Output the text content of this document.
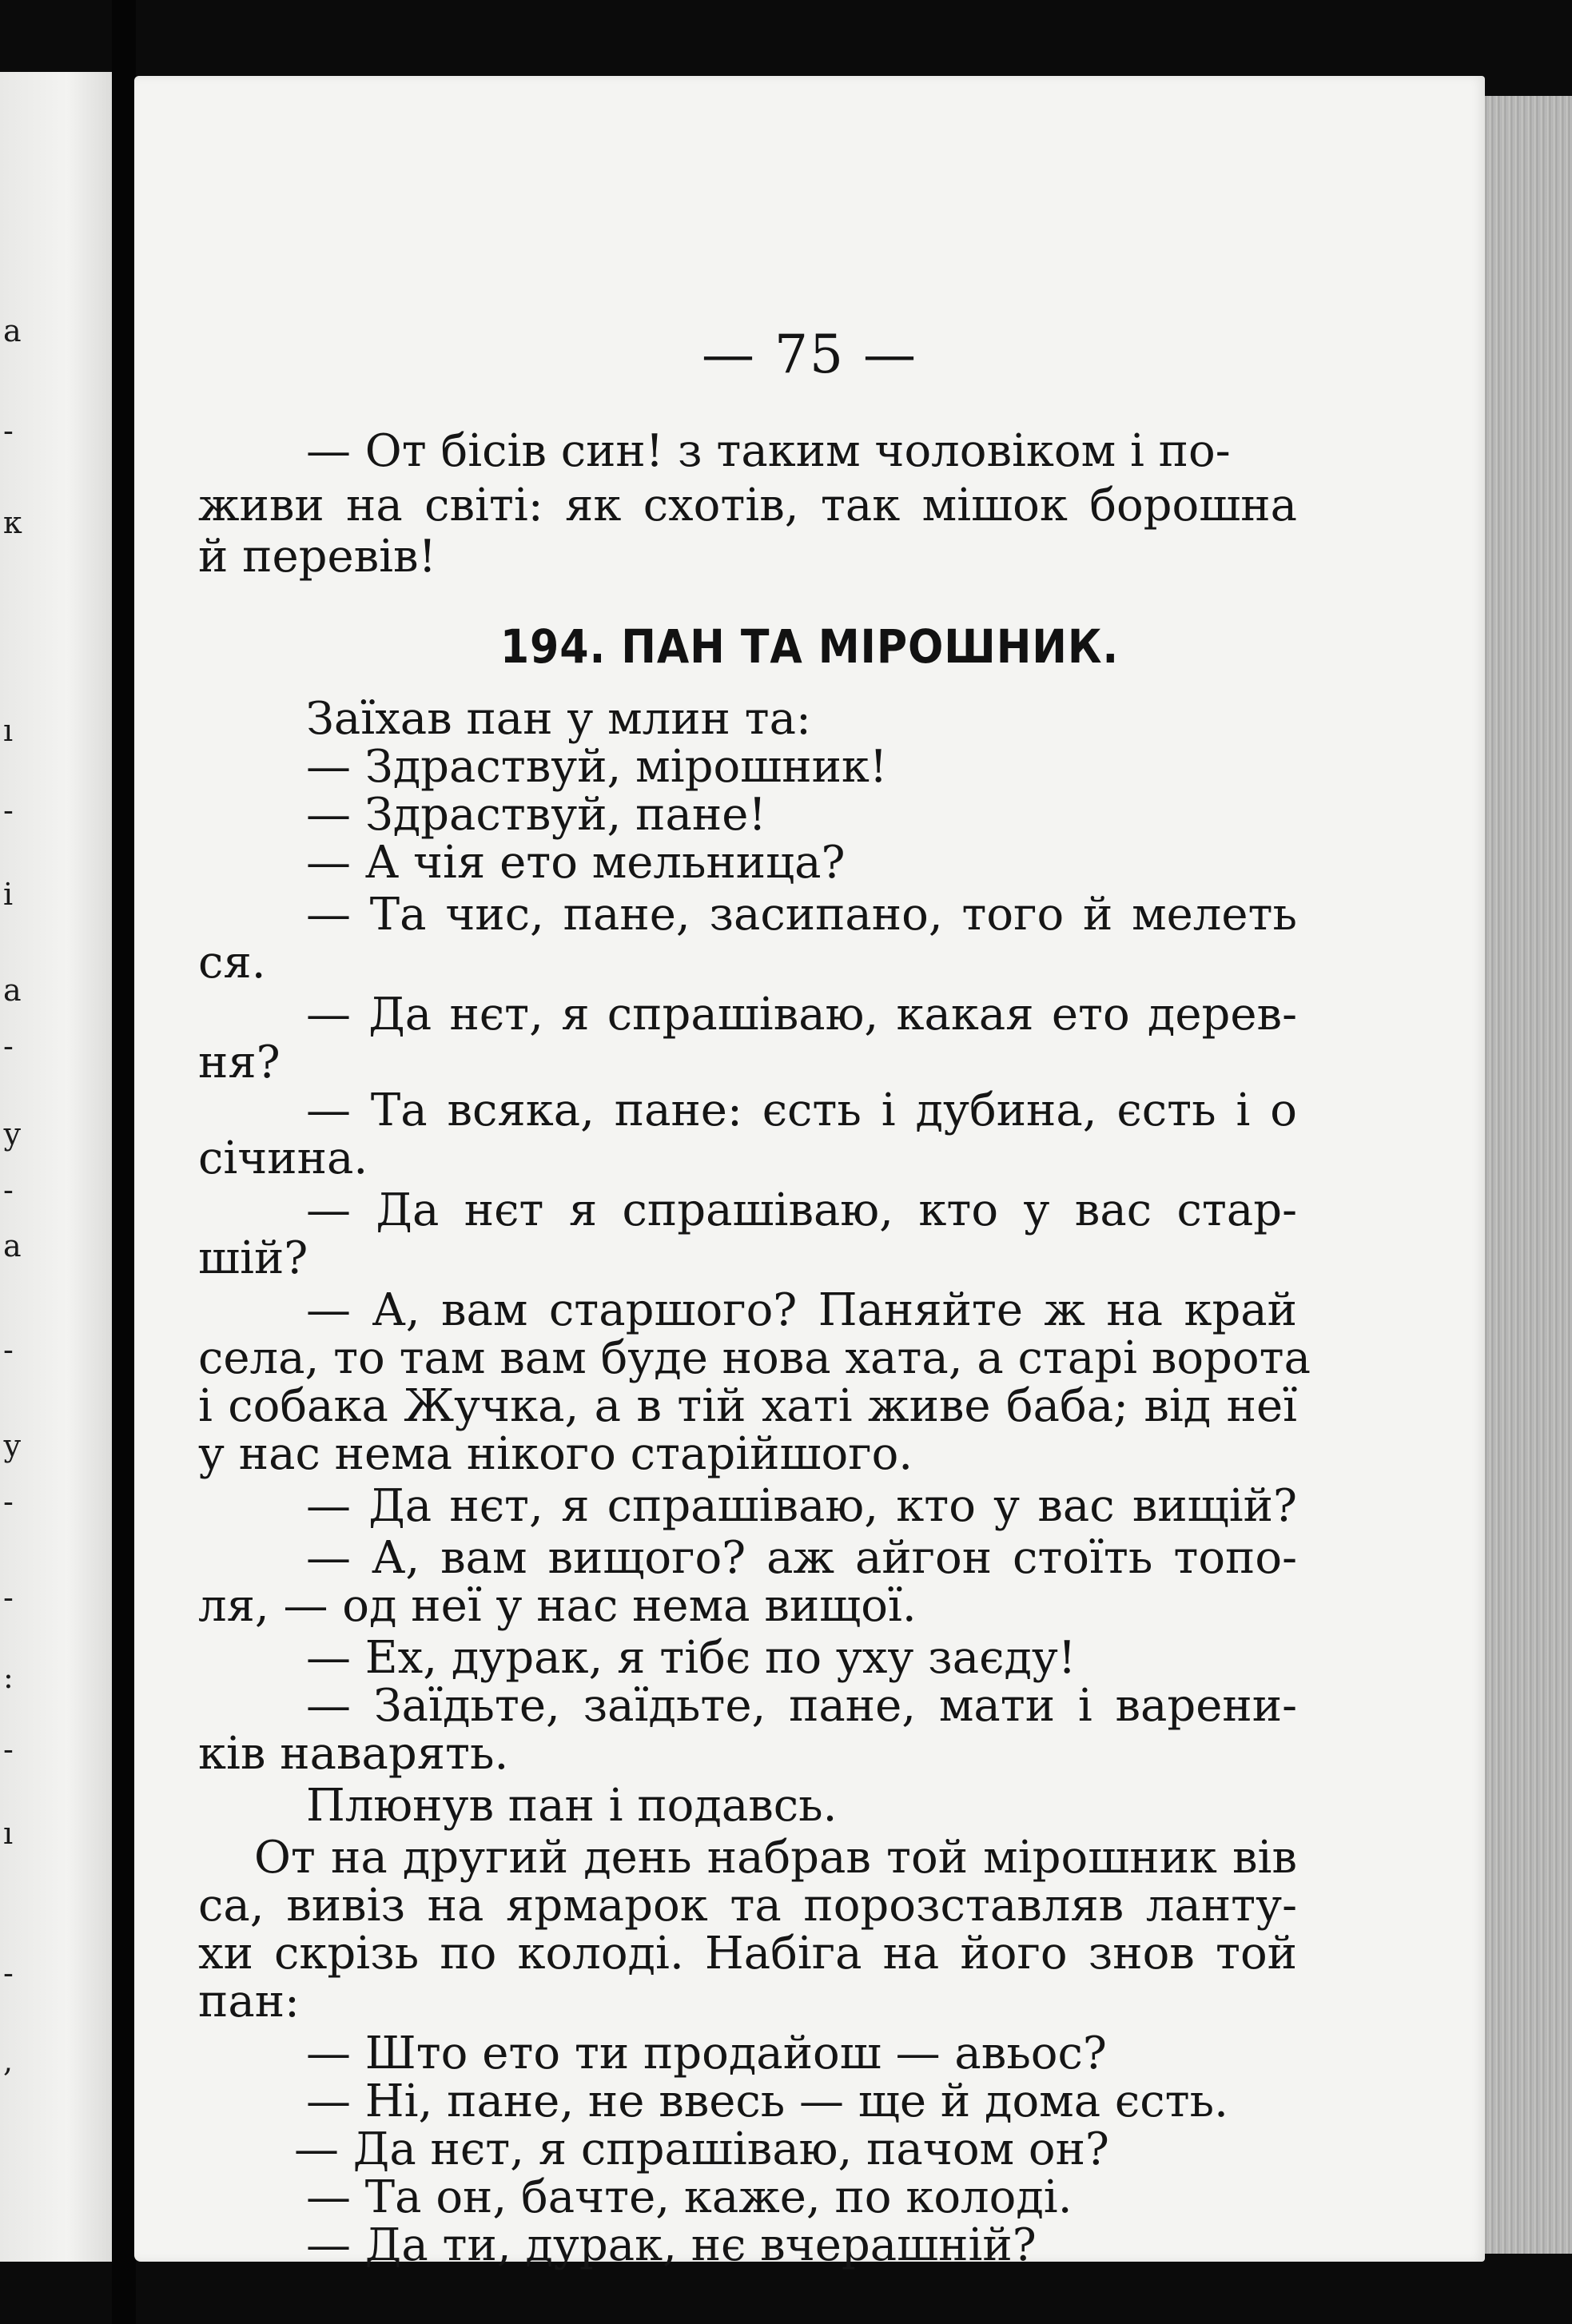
а
-
к
ı
-
і
а
-
у
-
а
-
у
-
-
:
-
ı
-
,
— 75 —
— От бісів син! з таким чоловіком і по-
живи на світі: як схотів, так мішок борошна
й перевів!
194. ПАН ТА МІРОШНИК.
Заїхав пан у млин та:
— Здраствуй, мірошник!
— Здраствуй, пане!
— А чія ето мельница?
— Та чис, пане, засипано, того й мелеть
ся.
— Да нєт, я спрашіваю, какая ето дерев-
ня?
— Та всяка, пане: єсть і дубина, єсть і о
січина.
— Да нєт я спрашіваю, кто у вас стар-
шій?
— А, вам старшого? Паняйте ж на край
села, то там вам буде нова хата, а старі ворота
і собака Жучка, а в тій хаті живе баба; від неї
у нас нема нікого старійшого.
— Да нєт, я спрашіваю, кто у вас вищій?
— А, вам вищого? аж айгон стоїть топо-
ля, — од неї у нас нема вищої.
— Ех, дурак, я тібє по уху заєду!
— Заїдьте, заїдьте, пане, мати і варени-
ків наварять.
Плюнув пан і подавсь.
От на другий день набрав той мірошник вів
са, вивіз на ярмарок та порозставляв ланту-
хи скрізь по колоді. Набіга на його знов той
пан:
— Што ето ти продайош — авьос?
— Ні, пане, не ввесь — ще й дома єсть.
— Да нєт, я спрашіваю, пачом он?
— Та он, бачте, каже, по колоді.
— Да ти, дурак, нє вчерашній?
